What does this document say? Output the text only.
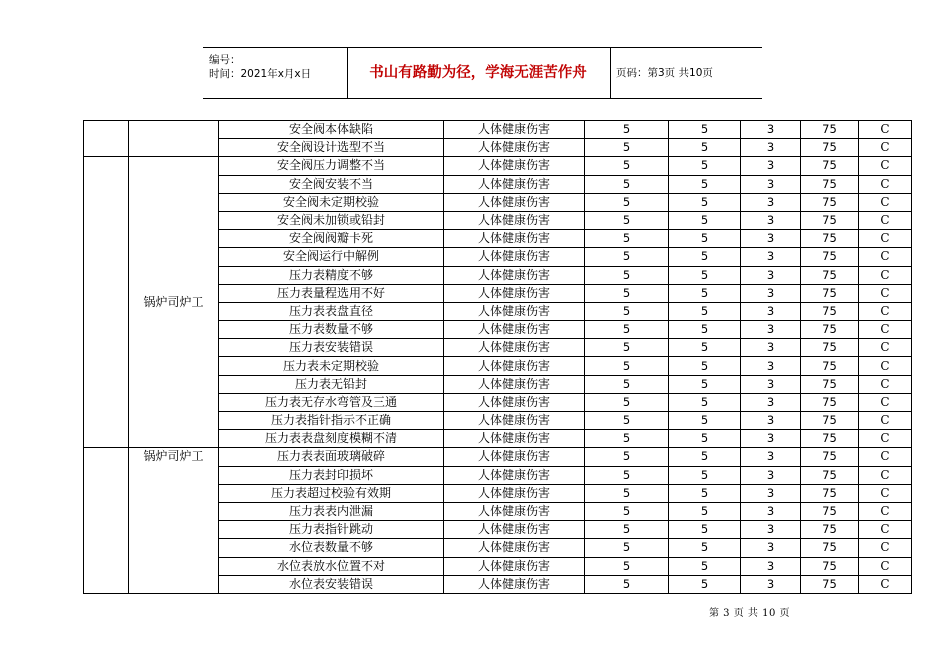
编号：
时间：2021年x月x日	书山有路勤为径，学海无涯苦作舟	页码：第3页 共10页
		安全阀本体缺陷	人体健康伤害	5	5	3	75	C
		安全阀设计选型不当	人体健康伤害	5	5	3	75	C
	锅炉司炉工	安全阀压力调整不当	人体健康伤害	5	5	3	75	C
		安全阀安装不当	人体健康伤害	5	5	3	75	C
		安全阀未定期校验	人体健康伤害	5	5	3	75	C
		安全阀未加锁或铅封	人体健康伤害	5	5	3	75	C
		安全阀阀瓣卡死	人体健康伤害	5	5	3	75	C
		安全阀运行中解例	人体健康伤害	5	5	3	75	C
		压力表精度不够	人体健康伤害	5	5	3	75	C
		压力表量程选用不好	人体健康伤害	5	5	3	75	C
		压力表表盘直径	人体健康伤害	5	5	3	75	C
		压力表数量不够	人体健康伤害	5	5	3	75	C
		压力表安装错误	人体健康伤害	5	5	3	75	C
		压力表未定期校验	人体健康伤害	5	5	3	75	C
		压力表无铅封	人体健康伤害	5	5	3	75	C
		压力表无存水弯管及三通	人体健康伤害	5	5	3	75	C
		压力表指针指示不正确	人体健康伤害	5	5	3	75	C
		压力表表盘刻度模糊不清	人体健康伤害	5	5	3	75	C
	锅炉司炉工	压力表表面玻璃破碎	人体健康伤害	5	5	3	75	C
		压力表封印损坏	人体健康伤害	5	5	3	75	C
		压力表超过校验有效期	人体健康伤害	5	5	3	75	C
		压力表表内泄漏	人体健康伤害	5	5	3	75	C
		压力表指针跳动	人体健康伤害	5	5	3	75	C
		水位表数量不够	人体健康伤害	5	5	3	75	C
		水位表放水位置不对	人体健康伤害	5	5	3	75	C
		水位表安装错误	人体健康伤害	5	5	3	75	C
第 3 页 共 10 页
